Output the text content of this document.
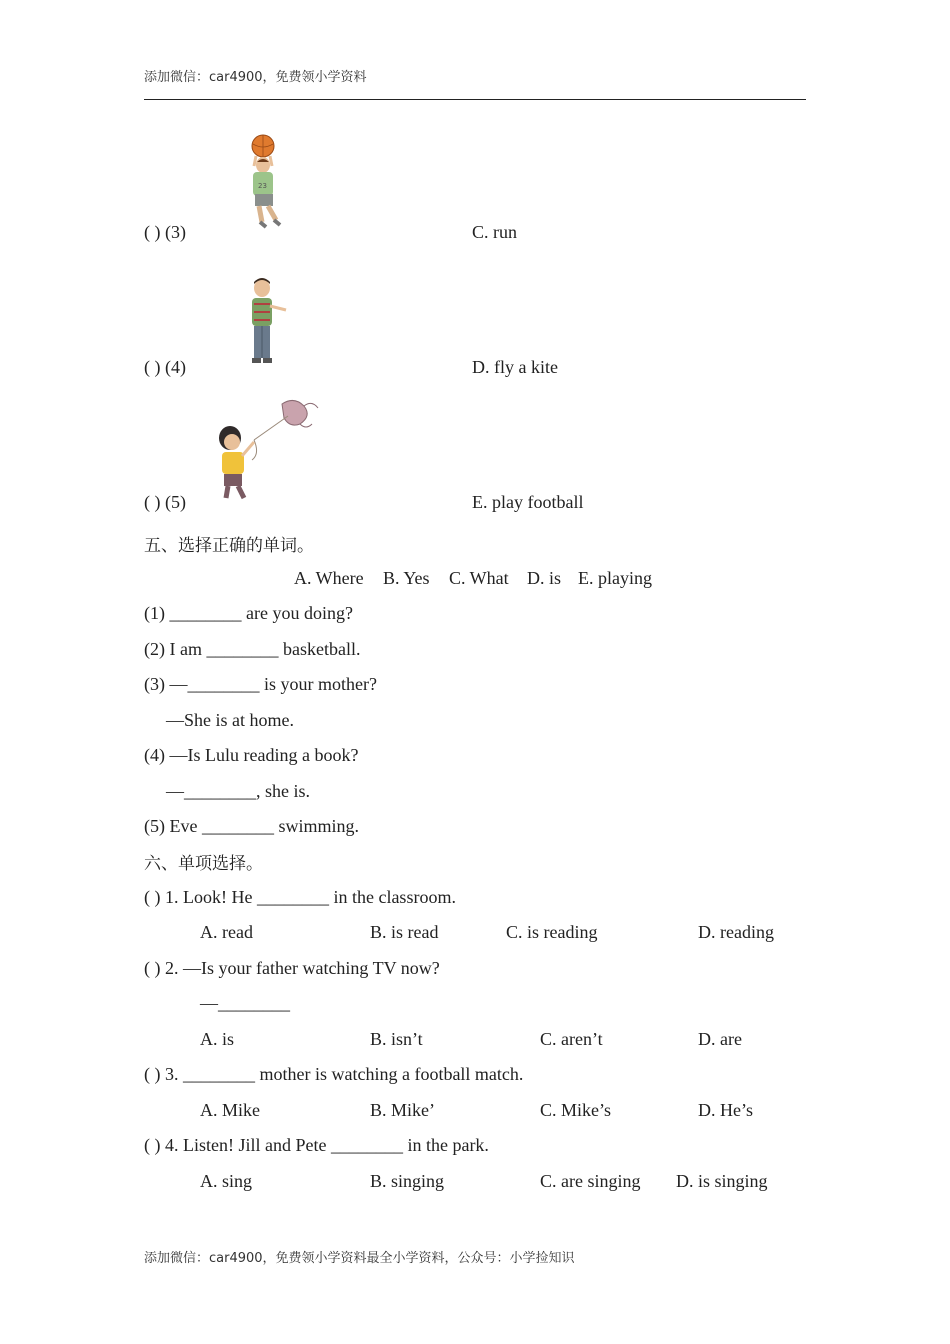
添加微信：car4900，免费领小学资料
23
( ) (3)	C. run
( ) (4)	D. fly a kite
( ) (5)	E. play football
五、选择正确的单词。
A. Where B. Yes C. What D. is E. playing
(1) ________ are you doing?
(2) I am ________ basketball.
(3) —________ is your mother?
—She is at home.
(4) —Is Lulu reading a book?
—________, she is.
(5) Eve ________ swimming.
六、单项选择。
( ) 1. Look! He ________ in the classroom.
A. read	B. is read	C. is reading	D. reading
( ) 2. —Is your father watching TV now?
—________
A. is	B. isn’t	C. aren’t	D. are
( ) 3. ________ mother is watching a football match.
A. Mike	B. Mike’	C. Mike’s	D. He’s
( ) 4. Listen! Jill and Pete ________ in the park.
A. sing	B. singing	C. are singing D. is singing
添加微信：car4900，免费领小学资料最全小学资料，公众号：小学捡知识
